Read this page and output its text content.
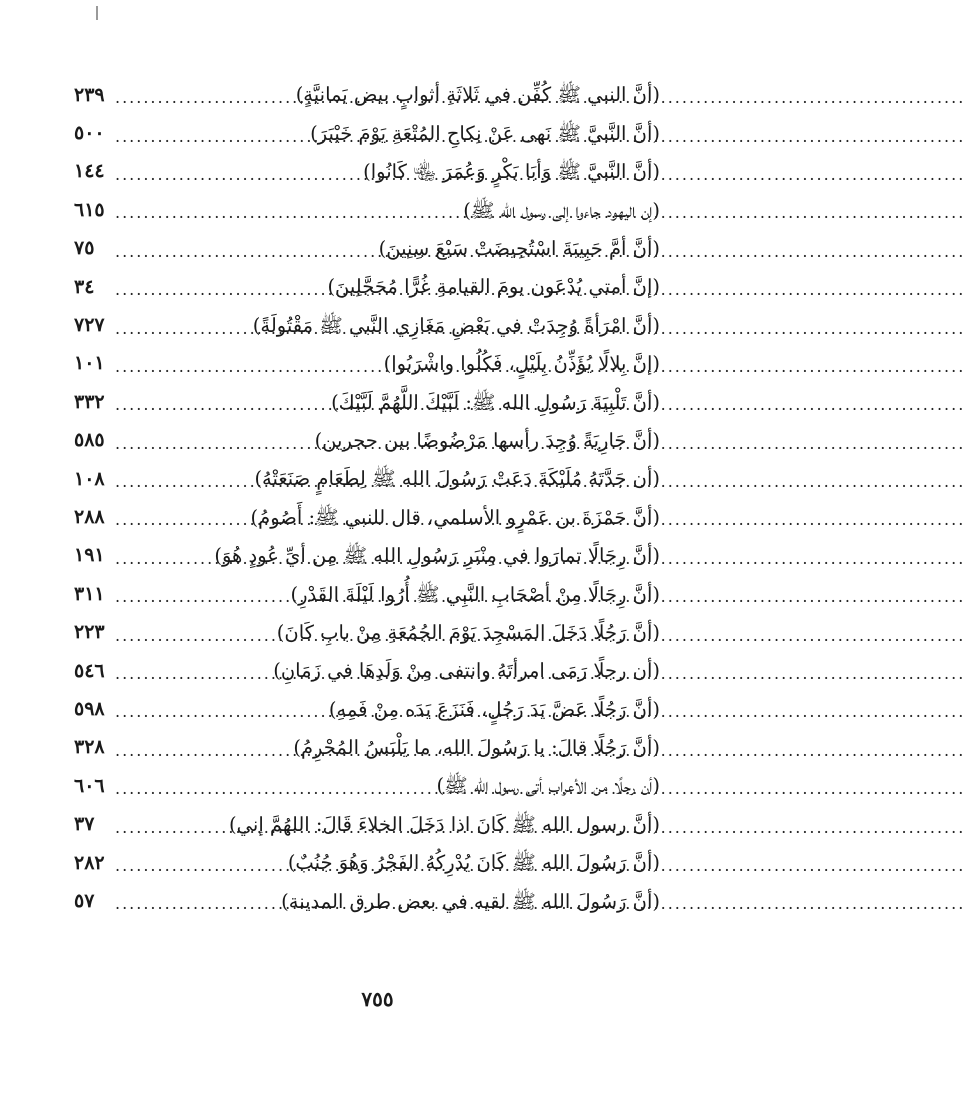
(أنَّ النبي ﷺ كُفِّن في ثَلاثَةِ أثوابٍ بيض يَمانيَّةٍ)
.....
٢٣٩
(أنَّ النَّبيَّ ﷺ نَهى عَنْ نِكاحِ المُتْعَةِ يَوْمَ خَيْبَرَ)
.....
٥٠٠
(أنَّ النَّبيَّ ﷺ وَأبَا بَكْرٍ وَعُمَرَ ﵄ كَانُوا)
.....
١٤٤
(إن اليهود جاءوا إلى رسول الله ﷺ)
.....
٦١٥
(أنَّ أمَّ حَبِيبَةَ اسْتُحِيضَتْ سَبْعَ سِنِينَ)
.....
٧٥
(إنَّ أمتي يُدْعَون يومَ القيامةِ غُرًّا مُحَجَّلِينَ)
.....
٣٤
(أنَّ امْرَأةً وُجِدَتْ في بَعْضِ مَغَازِي النَّبي ﷺ مَقْتُولَةً)
.....
٧٢٧
(إنَّ بِلالًا يُؤَذِّنُ بِلَيْلٍ، فَكُلُوا واشْرَبُوا)
.....
١٠١
(أنَّ تَلْبِيَةَ رَسُولِ الله ﷺ: لَبَّيْكَ اللَّهُمَّ لَبَّيْكَ)
.....
٣٣٢
(أنَّ جَارِيَةً وُجِدَ رأسها مَرْضُوضًا بين حجرين)
.....
٥٨٥
(أن جَدَّتَهُ مُلَيْكَةَ دَعَتْ رَسُولَ الله ﷺ لِطَعَامٍ صَنَعَتْهُ)
.....
١٠٨
(أنَّ حَمْزَةَ بن عَمْرٍو الأسلمي، قال للنبي ﷺ: أَصُومُ)
.....
٢٨٨
(أنَّ رِجَالًا تمارَوا في مِنْبَرِ رَسُولِ الله ﷺ مِن أيِّ عُودٍ هُوَ)
.....
١٩١
(أنَّ رِجَالًا مِنْ أصْحَابِ النَّبِي ﷺ أُرُوا لَيْلَةَ القَدْرِ)
.....
٣١١
(أنَّ رَجُلًا دَخَلَ المَسْجِدَ يَوْمَ الجُمُعَةِ مِنْ بابِ كَانَ)
.....
٢٢٣
(أن رجلًا رَمَى امرأتَهُ وانتفى مِنْ وَلَدِهَا في زَمَانِ)
.....
٥٤٦
(أنَّ رَجُلًا عَضَّ يَدَ رَجُلٍ، فَنَزَعَ يَدَه مِنْ فَمِهِ)
.....
٥٩٨
(أنَّ رَجُلًا قالَ: يا رَسُولَ الله، ما يَلْبَسُ المُحْرِمُ)
.....
٣٢٨
(أن رجلًا من الأعراب أتى رسول الله ﷺ)
.....
٦٠٦
(أنَّ رسول الله ﷺ كَانَ اذا دَخَلَ الخلاءَ قَالَ: اللهُمَّ إني)
.....
٣٧
(أنَّ رَسُولَ الله ﷺ كَانَ يُدْرِكُهُ الفَجْرُ وَهُوَ جُنُبٌ)
.....
٢٨٢
(أنَّ رَسُولَ الله ﷺ لقيه في بعض طرق المدينة)
.....
٥٧
٧٥٥
